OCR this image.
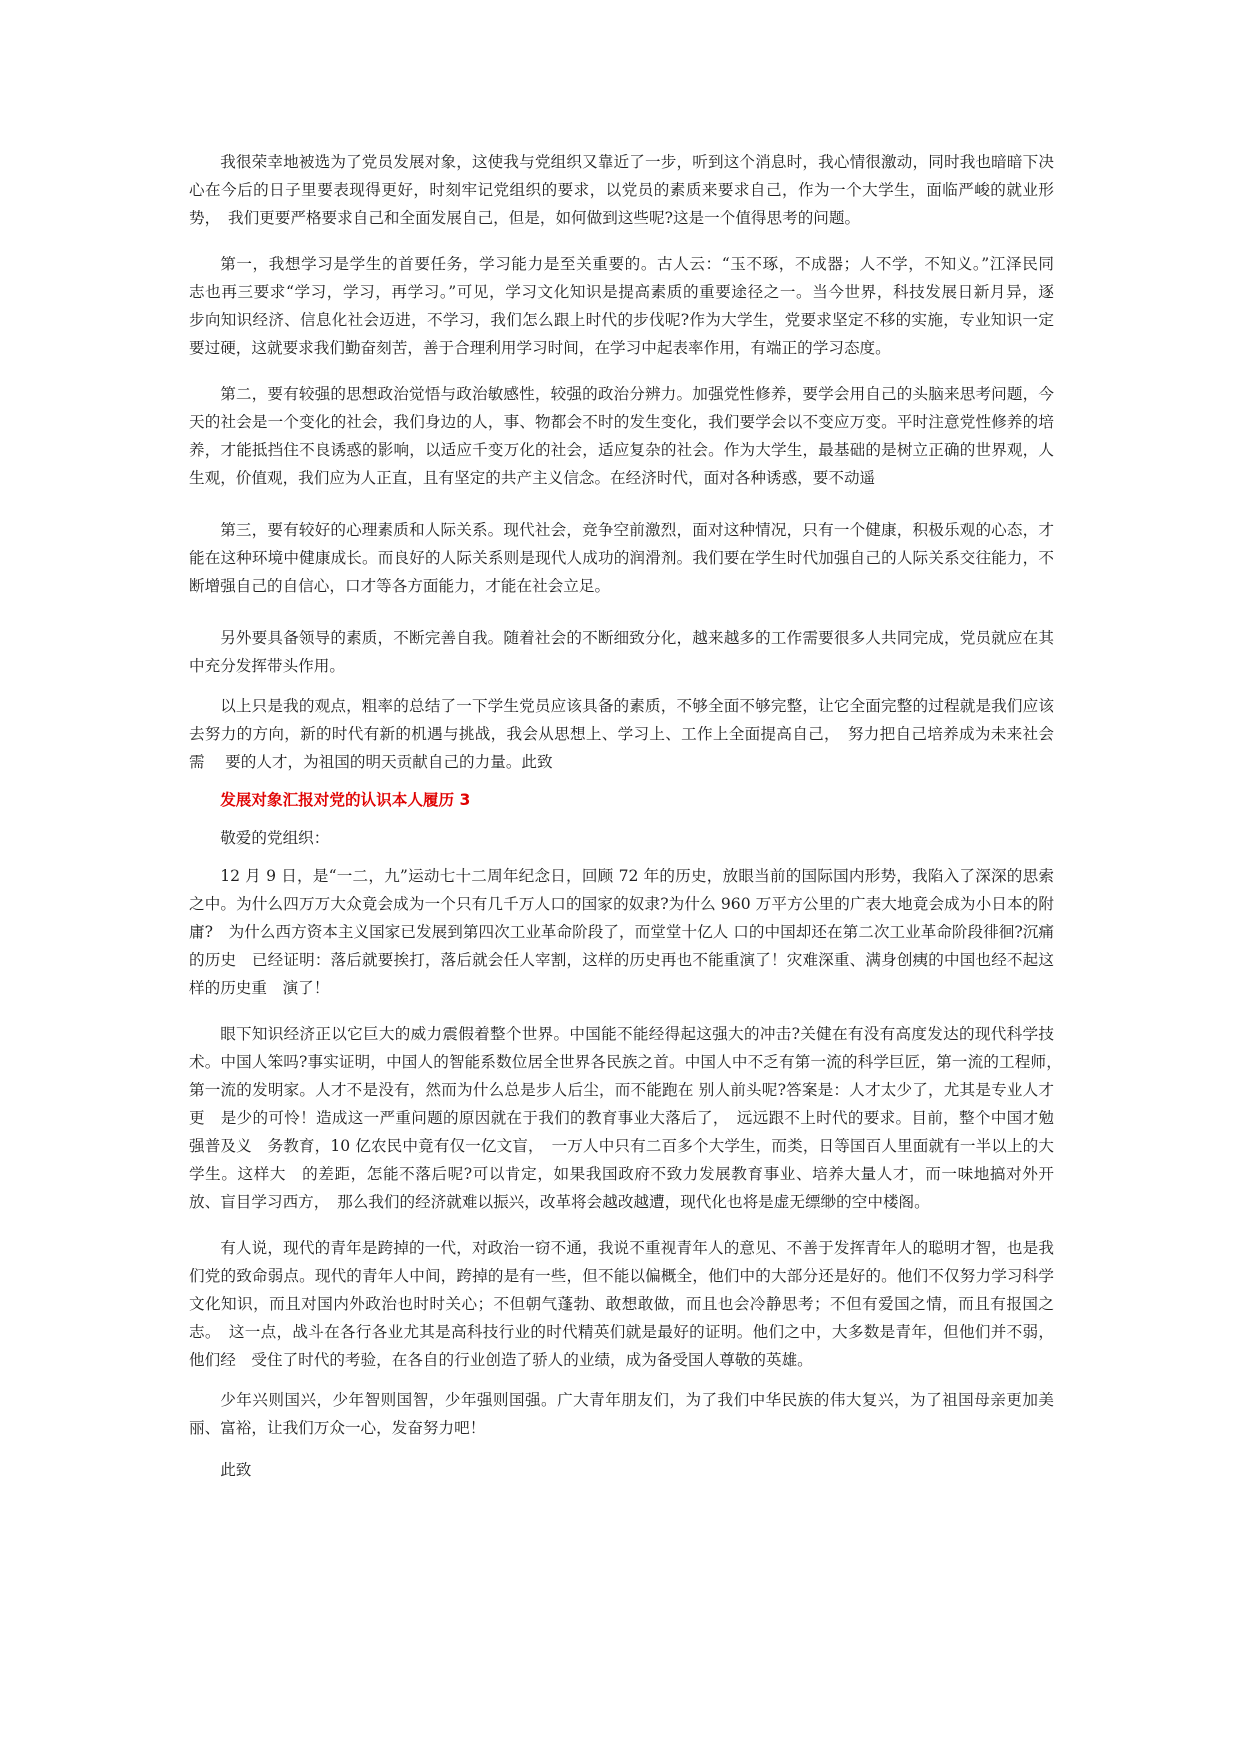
我很荣幸地被选为了党员发展对象，这使我与党组织又靠近了一步，听到这个消息时，我心情很激动，同时我也暗暗下决心在今后的日子里要表现得更好，时刻牢记党组织的要求，以党员的素质来要求自己，作为一个大学生，面临严峻的就业形势，　我们更要严格要求自己和全面发展自己，但是，如何做到这些呢?这是一个值得思考的问题。

第一，我想学习是学生的首要任务，学习能力是至关重要的。古人云：“玉不琢，不成器；人不学，不知义。”江泽民同　志也再三要求“学习，学习，再学习。”可见，学习文化知识是提高素质的重要途径之一。当今世界，科技发展日新月异，逐　步向知识经济、信息化社会迈进，不学习，我们怎么跟上时代的步伐呢?作为大学生，党要求坚定不移的实施，专业知识一定　要过硬，这就要求我们勤奋刻苦，善于合理利用学习时间，在学习中起表率作用，有端正的学习态度。

第二，要有较强的思想政治觉悟与政治敏感性，较强的政治分辨力。加强党性修养，要学会用自己的头脑来思考问题，今　天的社会是一个变化的社会，我们身边的人，事、物都会不时的发生变化，我们要学会以不变应万变。平时注意党性修养的培　养，才能抵挡住不良诱惑的影响，以适应千变万化的社会，适应复杂的社会。作为大学生，最基础的是树立正确的世界观，人　生观，价值观，我们应为人正直，且有坚定的共产主义信念。在经济时代，面对各种诱惑，要不动遥

第三，要有较好的心理素质和人际关系。现代社会，竞争空前激烈，面对这种情况，只有一个健康，积极乐观的心态，才　能在这种环境中健康成长。而良好的人际关系则是现代人成功的润滑剂。我们要在学生时代加强自己的人际关系交往能力，不　断增强自己的自信心，口才等各方面能力，才能在社会立足。

另外要具备领导的素质，不断完善自我。随着社会的不断细致分化，越来越多的工作需要很多人共同完成，党员就应在其　中充分发挥带头作用。

以上只是我的观点，粗率的总结了一下学生党员应该具备的素质，不够全面不够完整，让它全面完整的过程就是我们应该　去努力的方向，新的时代有新的机遇与挑战，我会从思想上、学习上、工作上全面提高自己，　努力把自己培养成为未来社会需　 要的人才，为祖国的明天贡献自己的力量。此致

发展对象汇报对党的认识本人履历 3

敬爱的党组织：

12 月 9 日，是“一二，九”运动七十二周年纪念日，回顾 72 年的历史，放眼当前的国际国内形势，我陷入了深深的思索　之中。为什么四万万大众竟会成为一个只有几千万人口的国家的奴隶?为什么 960 万平方公里的广表大地竟会成为小日本的附庸?　为什么西方资本主义国家已发展到第四次工业革命阶段了，而堂堂十亿人 口的中国却还在第二次工业革命阶段徘徊?沉痛的历史　已经证明：落后就要挨打，落后就会任人宰割，这样的历史再也不能重演了！灾难深重、满身创痍的中国也经不起这样的历史重　演了！

眼下知识经济正以它巨大的威力震假着整个世界。中国能不能经得起这强大的冲击?关健在有没有高度发达的现代科学技　术。中国人笨吗?事实证明，中国人的智能系数位居全世界各民族之首。中国人中不乏有第一流的科学巨匠，第一流的工程师，　第一流的发明家。人才不是没有，然而为什么总是步人后尘，而不能跑在 别人前头呢?答案是：人才太少了，尤其是专业人才更　是少的可怜！造成这一严重问题的原因就在于我们的教育事业大落后了，　远远跟不上时代的要求。目前，整个中国才勉强普及义　务教育，10 亿农民中竟有仅一亿文盲，　一万人中只有二百多个大学生，而类，日等国百人里面就有一半以上的大学生。这样大　的差距，怎能不落后呢?可以肯定，如果我国政府不致力发展教育事业、培养大量人才，而一味地搞对外开放、盲目学习西方，　那么我们的经济就难以振兴，改革将会越改越遭，现代化也将是虚无缥缈的空中楼阁。

有人说，现代的青年是跨掉的一代，对政治一窃不通，我说不重视青年人的意见、不善于发挥青年人的聪明才智，也是我　们党的致命弱点。现代的青年人中间，跨掉的是有一些，但不能以偏概全，他们中的大部分还是好的。他们不仅努力学习科学　文化知识，而且对国内外政治也时时关心；不但朝气蓬勃、敢想敢做，而且也会冷静思考；不但有爱国之情，而且有报国之志。　这一点，战斗在各行各业尤其是高科技行业的时代精英们就是最好的证明。他们之中，大多数是青年，但他们并不弱，他们经　受住了时代的考验，在各自的行业创造了骄人的业绩，成为备受国人尊敬的英雄。

少年兴则国兴，少年智则国智，少年强则国强。广大青年朋友们，为了我们中华民族的伟大复兴，为了祖国母亲更加美丽、富裕，让我们万众一心，发奋努力吧！

此致
